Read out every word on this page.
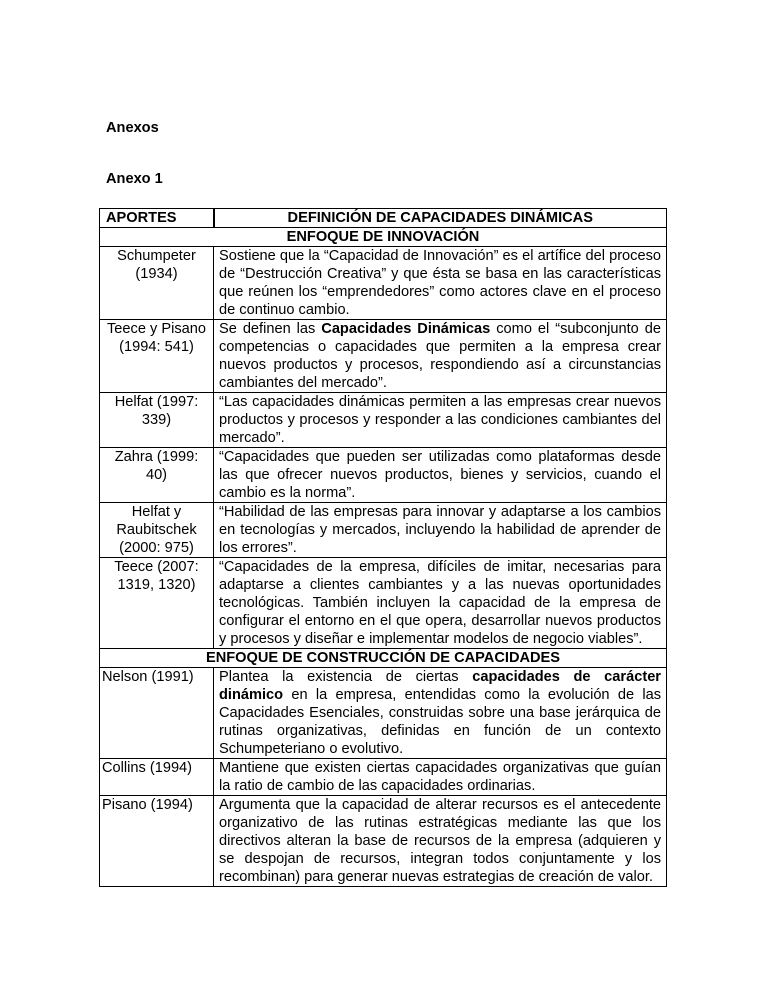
Anexos

Anexo 1

APORTES	DEFINICIÓN DE CAPACIDADES DINÁMICAS
ENFOQUE DE INNOVACIÓN	
Schumpeter (1934)	Sostiene que la “Capacidad de Innovación” es el artífice del proceso de “Destrucción Creativa” y que ésta se basa en las características que reúnen los “emprendedores” como actores clave en el proceso de continuo cambio.
Teece y Pisano (1994: 541)	Se definen las Capacidades Dinámicas como el “subconjunto de competencias o capacidades que permiten a la empresa crear nuevos productos y procesos, respondiendo así a circunstancias cambiantes del mercado”.
Helfat (1997: 339)	“Las capacidades dinámicas permiten a las empresas crear nuevos productos y procesos y responder a las condiciones cambiantes del mercado”.
Zahra (1999: 40)	“Capacidades que pueden ser utilizadas como plataformas desde las que ofrecer nuevos productos, bienes y servicios, cuando el cambio es la norma”.
Helfat y Raubitschek (2000: 975)	“Habilidad de las empresas para innovar y adaptarse a los cambios en tecnologías y mercados, incluyendo la habilidad de aprender de los errores”.
Teece (2007: 1319, 1320)	“Capacidades de la empresa, difíciles de imitar, necesarias para adaptarse a clientes cambiantes y a las nuevas oportunidades tecnológicas. También incluyen la capacidad de la empresa de configurar el entorno en el que opera, desarrollar nuevos productos y procesos y diseñar e implementar modelos de negocio viables”.
ENFOQUE DE CONSTRUCCIÓN DE CAPACIDADES	
Nelson (1991)	Plantea la existencia de ciertas capacidades de carácter dinámico en la empresa, entendidas como la evolución de las Capacidades Esenciales, construidas sobre una base jerárquica de rutinas organizativas, definidas en función de un contexto Schumpeteriano o evolutivo.
Collins (1994)	Mantiene que existen ciertas capacidades organizativas que guían la ratio de cambio de las capacidades ordinarias.
Pisano (1994)	Argumenta que la capacidad de alterar recursos es el antecedente organizativo de las rutinas estratégicas mediante las que los directivos alteran la base de recursos de la empresa (adquieren y se despojan de recursos, integran todos conjuntamente y los recombinan) para generar nuevas estrategias de creación de valor.
